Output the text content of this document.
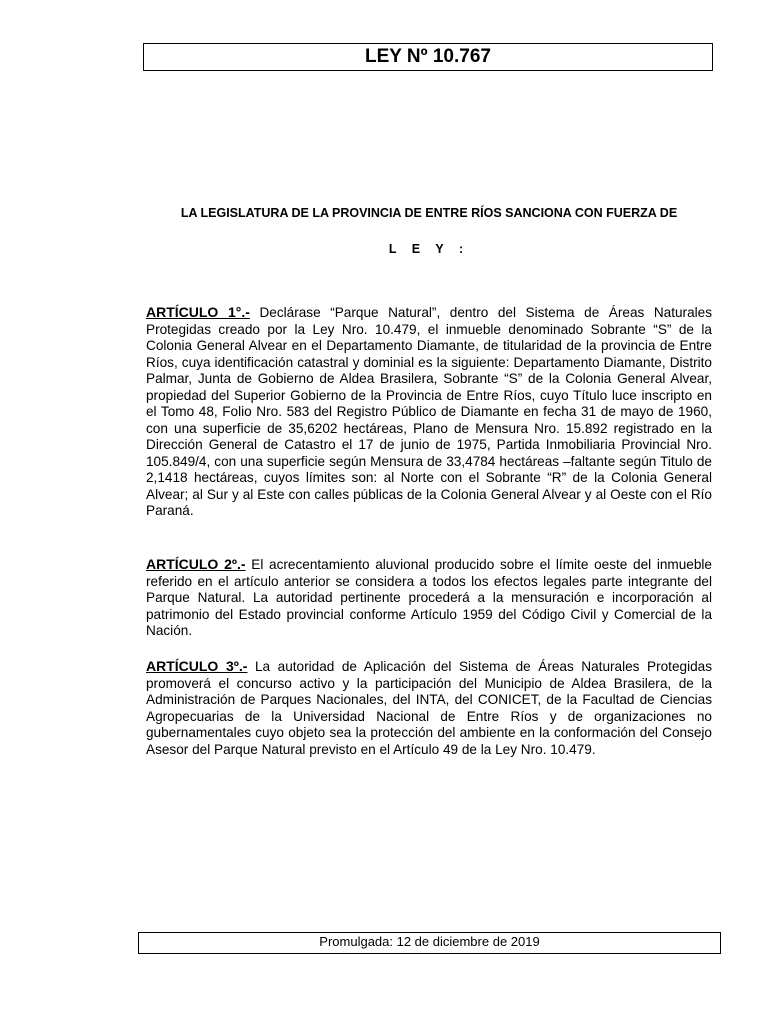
LEY Nº 10.767
LA LEGISLATURA DE LA PROVINCIA DE ENTRE RÍOS SANCIONA CON FUERZA DE
L E Y :
ARTÍCULO 1°.- Declárase “Parque Natural”, dentro del Sistema de Áreas Naturales Protegidas creado por la Ley Nro. 10.479, el inmueble denominado Sobrante “S” de la Colonia General Alvear en el Departamento Diamante, de titularidad de la provincia de Entre Ríos, cuya identificación catastral y dominial es la siguiente: Departamento Diamante, Distrito Palmar, Junta de Gobierno de Aldea Brasilera, Sobrante “S” de la Colonia General Alvear, propiedad del Superior Gobierno de la Provincia de Entre Ríos, cuyo Título luce inscripto en el Tomo 48, Folio Nro. 583 del Registro Público de Diamante en fecha 31 de mayo de 1960, con una superficie de 35,6202 hectáreas, Plano de Mensura Nro. 15.892 registrado en la Dirección General de Catastro el 17 de junio de 1975, Partida Inmobiliaria Provincial Nro. 105.849/4, con una superficie según Mensura de 33,4784 hectáreas –faltante según Titulo de 2,1418 hectáreas, cuyos límites son: al Norte con el Sobrante “R” de la Colonia General Alvear; al Sur y al Este con calles públicas de la Colonia General Alvear y al Oeste con el Río Paraná.
ARTÍCULO 2º.- El acrecentamiento aluvional producido sobre el límite oeste del inmueble referido en el artículo anterior se considera a todos los efectos legales parte integrante del Parque Natural. La autoridad pertinente procederá a la mensuración e incorporación al patrimonio del Estado provincial conforme Artículo 1959 del Código Civil y Comercial de la Nación.
ARTÍCULO 3º.- La autoridad de Aplicación del Sistema de Áreas Naturales Protegidas promoverá el concurso activo y la participación del Municipio de Aldea Brasilera, de la Administración de Parques Nacionales, del INTA, del CONICET, de la Facultad de Ciencias Agropecuarias de la Universidad Nacional de Entre Ríos y de organizaciones no gubernamentales cuyo objeto sea la protección del ambiente en la conformación del Consejo Asesor del Parque Natural previsto en el Artículo 49 de la Ley Nro. 10.479.
Promulgada: 12 de diciembre de 2019
